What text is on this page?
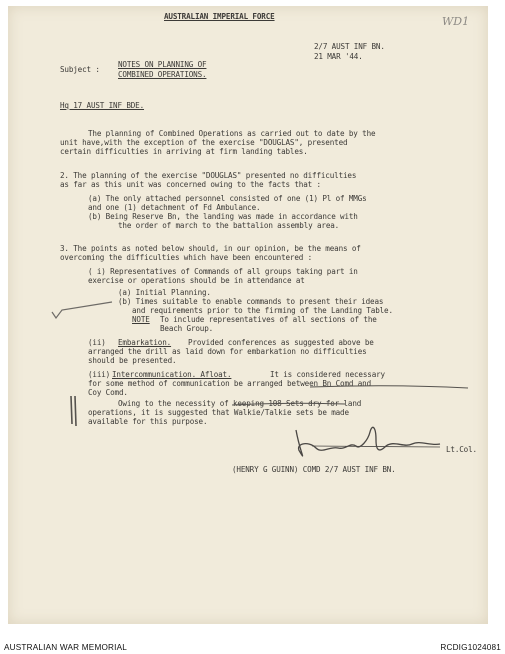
AUSTRALIAN IMPERIAL FORCE	WD1
2/7 AUST INF BN.
21 MAR '44.
Subject :
NOTES ON PLANNING OF
COMBINED OPERATIONS.
Hq 17 AUST INF BDE.
The planning of Combined Operations as carried out to date by the
unit have,with the exception of the exercise "DOUGLAS", presented
certain difficulties in arriving at firm landing tables.
2. The planning of the exercise "DOUGLAS" presented no difficulties
as far as this unit was concerned owing to the facts that :
(a) The only attached personnel consisted of one (1) Pl of MMGs
and one (1) detachment of Fd Ambulance.
(b) Being Reserve Bn, the landing was made in accordance with
the order of march to the battalion assembly area.
3. The points as noted below should, in our opinion, be the means of
overcoming the difficulties which have been encountered :
( i) Representatives of Commands of all groups taking part in
exercise or operations should be in attendance at
(a) Initial Planning.
(b) Times suitable to enable commands to present their ideas
and requirements prior to the firming of the Landing Table.
NOTE To include representatives of all sections of the
Beach Group.
(ii) Embarkation. Provided conferences as suggested above be
arranged the drill as laid down for embarkation no difficulties
should be presented.
(iii) Intercommunication. Afloat.	It is considered necessary
for some method of communication be arranged between Bn Comd and
Coy Comd.
Owing to the necessity of keeping 108 Sets dry for land
operations, it is suggested that Walkie/Talkie sets be made
available for this purpose.
Lt.Col.
(HENRY G GUINN) COMD 2/7 AUST INF BN.
AUSTRALIAN WAR MEMORIAL	RCDIG1024081
